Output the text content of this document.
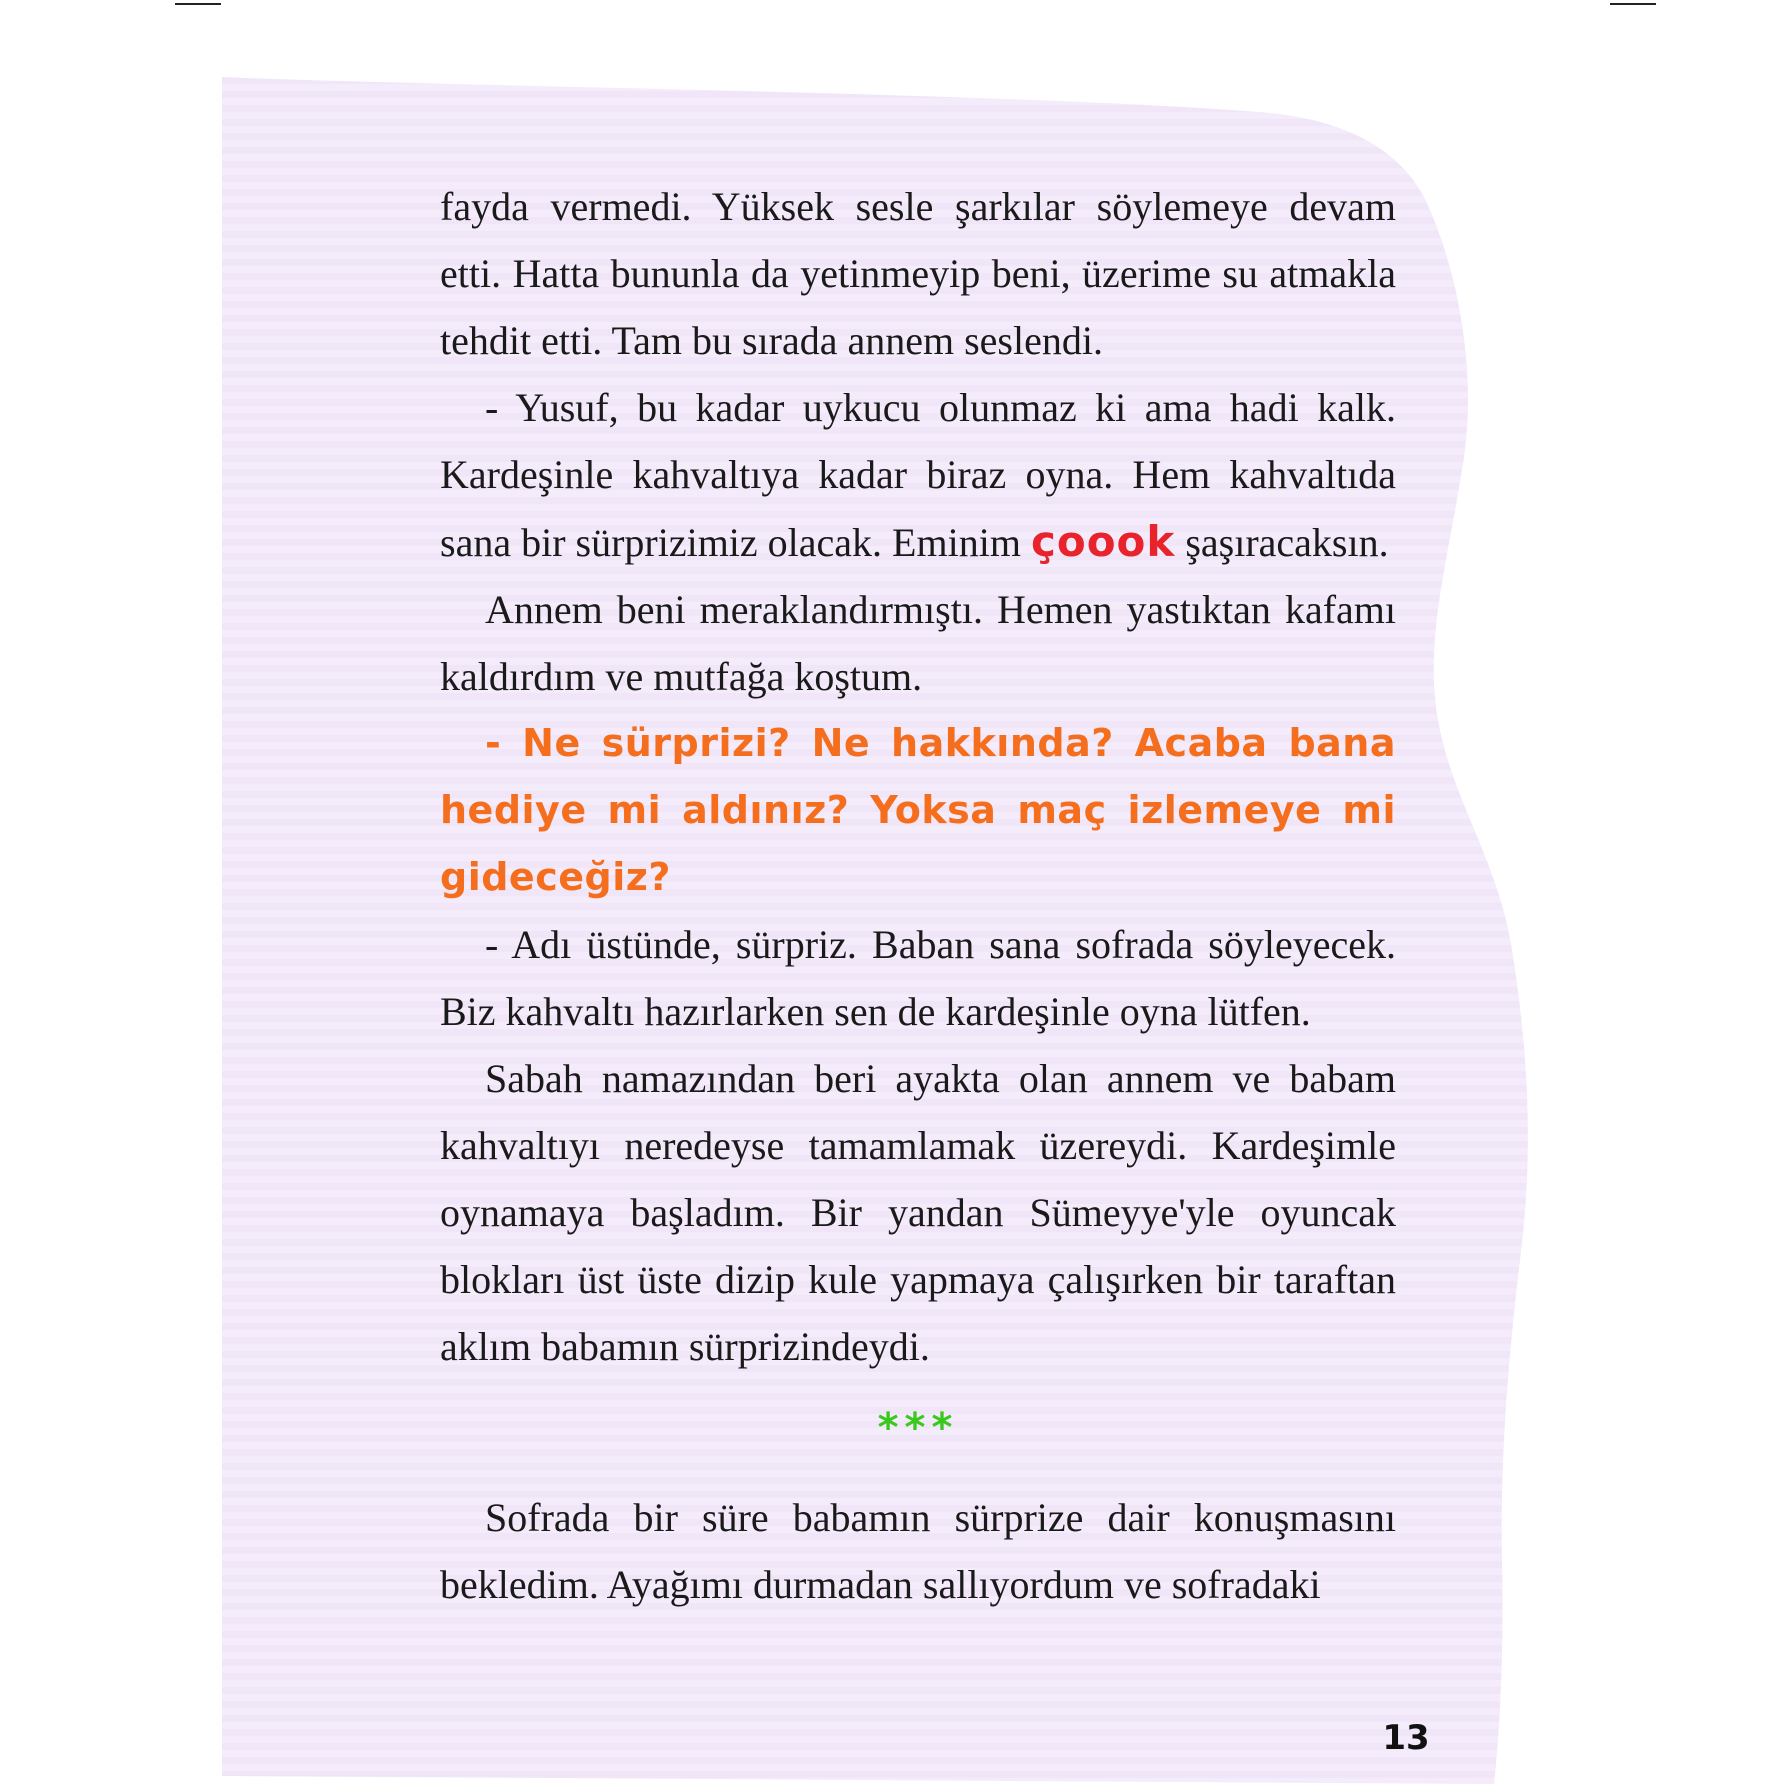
fayda vermedi. Yüksek sesle şarkılar söylemeye devam etti. Hatta bununla da yetinmeyip beni, üzerime su atmakla tehdit etti. Tam bu sırada annem seslendi.

- Yusuf, bu kadar uykucu olunmaz ki ama hadi kalk. Kardeşinle kahvaltıya kadar biraz oyna. Hem kahvaltıda sana bir sürprizimiz olacak. Eminim çoook şaşıracaksın.

Annem beni meraklandırmıştı. Hemen yastıktan kafamı kaldırdım ve mutfağa koştum.

- Ne sürprizi? Ne hakkında? Acaba bana hediye mi aldınız? Yoksa maç izlemeye mi gideceğiz?

- Adı üstünde, sürpriz. Baban sana sofrada söyleyecek. Biz kahvaltı hazırlarken sen de kardeşinle oyna lütfen.

Sabah namazından beri ayakta olan annem ve babam kahvaltıyı neredeyse tamamlamak üzereydi. Kardeşimle oynamaya başladım. Bir yandan Sümeyye'yle oyuncak blokları üst üste dizip kule yapmaya çalışırken bir taraftan aklım babamın sürprizindeydi.

***

Sofrada bir süre babamın sürprize dair konuşmasını bekledim. Ayağımı durmadan sallıyordum ve sofradaki

13
